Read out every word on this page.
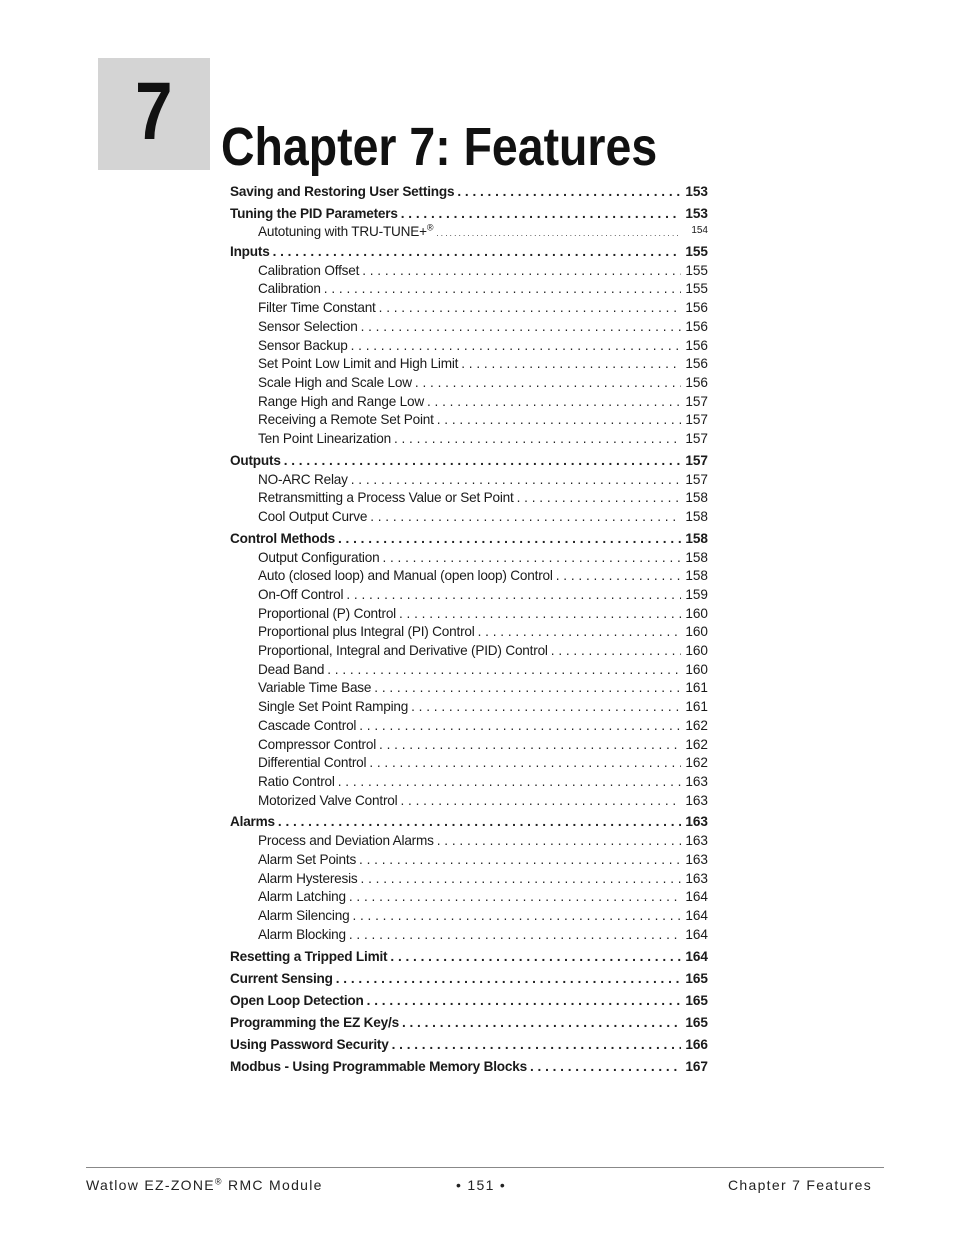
7 Chapter 7: Features
Saving and Restoring User Settings . . .	153
Tuning the PID Parameters . . .	153
Autotuning with TRU-TUNE+® . . .	154
Inputs . . .	155
Calibration Offset . . .	155
Calibration . . .	155
Filter Time Constant . . .	156
Sensor Selection . . .	156
Sensor Backup . . .	156
Set Point Low Limit and High Limit . . .	156
Scale High and Scale Low . . .	156
Range High and Range Low . . .	157
Receiving a Remote Set Point . . .	157
Ten Point Linearization . . .	157
Outputs . . .	157
NO-ARC Relay . . .	157
Retransmitting a Process Value or Set Point . . .	158
Cool Output Curve . . .	158
Control Methods . . .	158
Output Configuration . . .	158
Auto (closed loop) and Manual (open loop) Control . . .	158
On-Off Control . . .	159
Proportional (P) Control . . .	160
Proportional plus Integral (PI) Control . . .	160
Proportional, Integral and Derivative (PID) Control . . .	160
Dead Band . . .	160
Variable Time Base . . .	161
Single Set Point Ramping . . .	161
Cascade Control . . .	162
Compressor Control . . .	162
Differential Control . . .	162
Ratio Control . . .	163
Motorized Valve Control . . .	163
Alarms . . .	163
Process and Deviation Alarms . . .	163
Alarm Set Points . . .	163
Alarm Hysteresis . . .	163
Alarm Latching . . .	164
Alarm Silencing . . .	164
Alarm Blocking . . .	164
Resetting a Tripped Limit . . .	164
Current Sensing . . .	165
Open Loop Detection . . .	165
Programming the EZ Key/s . . .	165
Using Password Security . . .	166
Modbus - Using Programmable Memory Blocks . . .	167
Watlow EZ-ZONE® RMC Module	• 151 •	Chapter 7 Features
